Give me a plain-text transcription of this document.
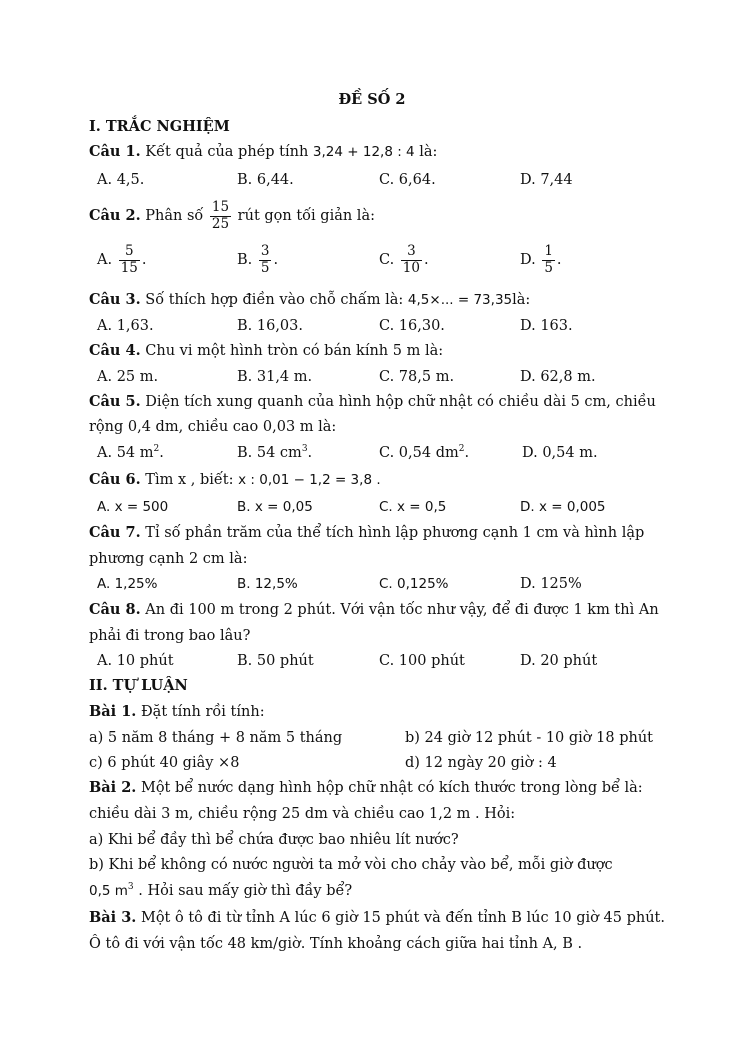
ĐỀ SỐ 2
I. TRẮC NGHIỆM
Câu 1. Kết quả của phép tính 3,24 + 12,8 : 4 là:
A. 4,5.	B. 6,44.	C. 6,64.	D. 7,44
Câu 2. Phân số $\frac{15}{25}$ rút gọn tối giản là:
A. $\frac{5}{15}$ .	B. $\frac{3}{5}$ .	C. $\frac{3}{10}$ .	D. $\frac{1}{5}$ .
Câu 3. Số thích hợp điền vào chỗ chấm là: 4,5×... = 73,35là:
A. 1,63.	B. 16,03.	C. 16,30.	D. 163.
Câu 4. Chu vi một hình tròn có bán kính 5 m là:
A. 25 m.	B. 31,4 m.	C. 78,5 m.	D. 62,8 m.
Câu 5. Diện tích xung quanh của hình hộp chữ nhật có chiều dài 5 cm, chiều
rộng 0,4 dm, chiều cao 0,03 m là:
A. 54 $m^2$.	B. 54 $cm^3$.	C. 0,54 $dm^2$.	D. 0,54 m.
Câu 6. Tìm x , biết: x : 0,01 − 1,2 = 3,8 .
A. x = 500	B. x = 0,05	C. x = 0,5	D. x = 0,005
Câu 7. Tỉ số phần trăm của thể tích hình lập phương cạnh 1 cm và hình lập
phương cạnh 2 cm là:
A. 1,25%	B. 12,5%	C. 0,125%	D. 125%
Câu 8. An đi 100 m trong 2 phút. Với vận tốc như vậy, để đi được 1 km thì An
phải đi trong bao lâu?
A. 10 phút	B. 50 phút	C. 100 phút	D. 20 phút
II. TỰ LUẬN
Bài 1. Đặt tính rồi tính:
a) 5 năm 8 tháng + 8 năm 5 tháng	b) 24 giờ 12 phút - 10 giờ 18 phút
c) 6 phút 40 giây ×8	d) 12 ngày 20 giờ : 4
Bài 2. Một bể nước dạng hình hộp chữ nhật có kích thước trong lòng bể là:
chiều dài 3 m, chiều rộng 25 dm và chiều cao 1,2 m . Hỏi:
a) Khi bể đầy thì bể chứa được bao nhiêu lít nước?
b) Khi bể không có nước người ta mở vòi cho chảy vào bể, mỗi giờ được
0,5 $m^3$ . Hỏi sau mấy giờ thì đầy bể?
Bài 3. Một ô tô đi từ tỉnh A lúc 6 giờ 15 phút và đến tỉnh B lúc 10 giờ 45 phút.
Ô tô đi với vận tốc 48 km/giờ. Tính khoảng cách giữa hai tỉnh A, B .
